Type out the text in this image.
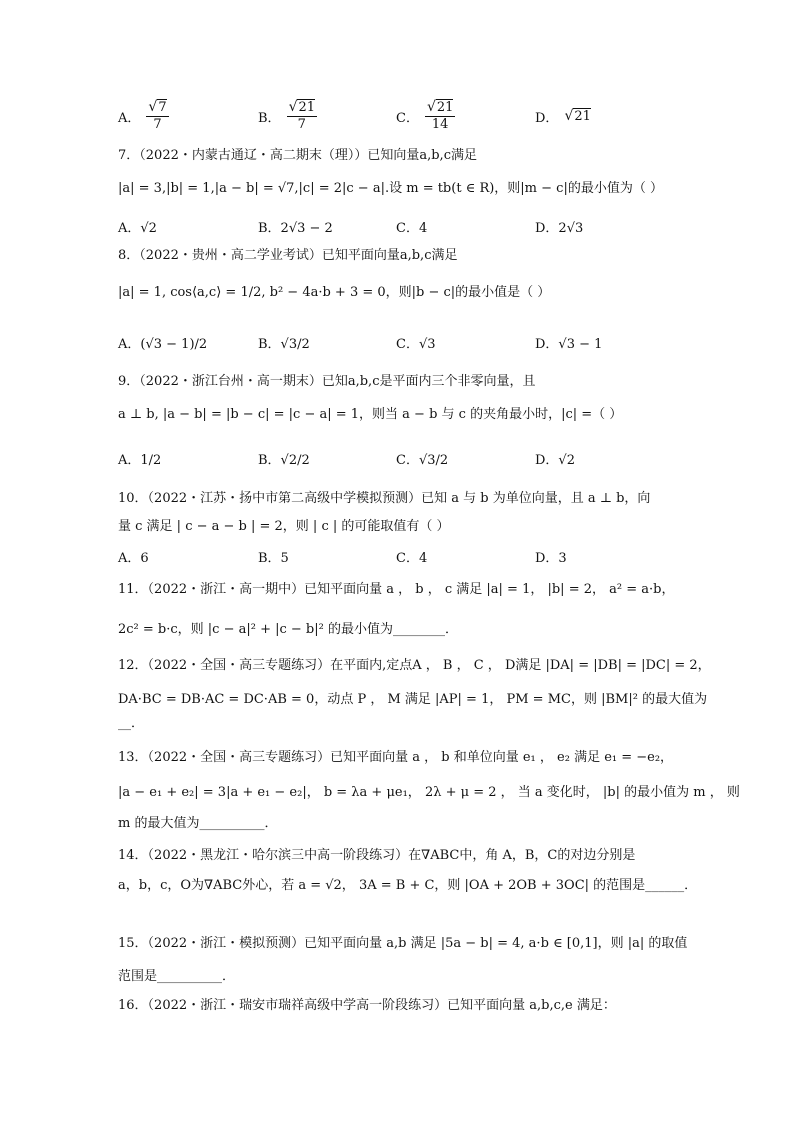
A． $\frac{√7}{7}$	B． $\frac{√21}{7}$	C． $\frac{√21}{14}$	D． √ 21
7．（2022・内蒙古通辽・高二期末（理））已知向量a,b,c满足
|a| = 3,|b| = 1,|a − b| = √7,|c| = 2|c − a|.设 m = tb(t ∈ R)，则|m − c|的最小值为（ ）
A．√2	B．2√3 − 2	C．4	D．2√3
8．（2022・贵州・高二学业考试）已知平面向量a,b,c满足
|a| = 1, cos⟨a,c⟩ = 1/2, b² − 4a·b + 3 = 0，则|b − c|的最小值是（ ）
A．(√3 − 1)/2	B．√3/2	C．√3	D．√3 − 1
9．（2022・浙江台州・高一期末）已知a,b,c是平面内三个非零向量，且
a ⊥ b, |a − b| = |b − c| = |c − a| = 1，则当 a − b 与 c 的夹角最小时，|c| =（ ）
A．1/2	B．√2/2	C．√3/2	D．√2
10．（2022・江苏・扬中市第二高级中学模拟预测）已知 a 与 b 为单位向量，且 a ⊥ b，向
量 c 满足 | c − a − b | = 2，则 | c | 的可能取值有（ ）
A．6	B．5	C．4	D．3
11．（2022・浙江・高一期中）已知平面向量 a ， b ， c 满足 |a| = 1， |b| = 2， a² = a·b，
2c² = b·c，则 |c − a|² + |c − b|² 的最小值为________．
12．（2022・全国・高三专题练习）在平面内,定点A ， B ， C ， D满足 |DA| = |DB| = |DC| = 2，
DA·BC = DB·AC = DC·AB = 0，动点 P ， M 满足 |AP| = 1， PM = MC，则 |BM|² 的最大值为
__．
13．（2022・全国・高三专题练习）已知平面向量 a ， b 和单位向量 e₁ ， e₂ 满足 e₁ = −e₂，
|a − e₁ + e₂| = 3|a + e₁ − e₂|， b = λa + μe₁， 2λ + μ = 2 ， 当 a 变化时， |b| 的最小值为 m ， 则
m 的最大值为__________．
14．（2022・黑龙江・哈尔滨三中高一阶段练习）在∇ABC中，角 A，B，C的对边分别是
a，b，c，O为∇ABC外心，若 a = √2， 3A = B + C，则 |OA + 2OB + 3OC| 的范围是______．
15．（2022・浙江・模拟预测）已知平面向量 a,b 满足 |5a − b| = 4, a·b ∈ [0,1]，则 |a| 的取值
范围是__________．
16．（2022・浙江・瑞安市瑞祥高级中学高一阶段练习）已知平面向量 a,b,c,e 满足：
